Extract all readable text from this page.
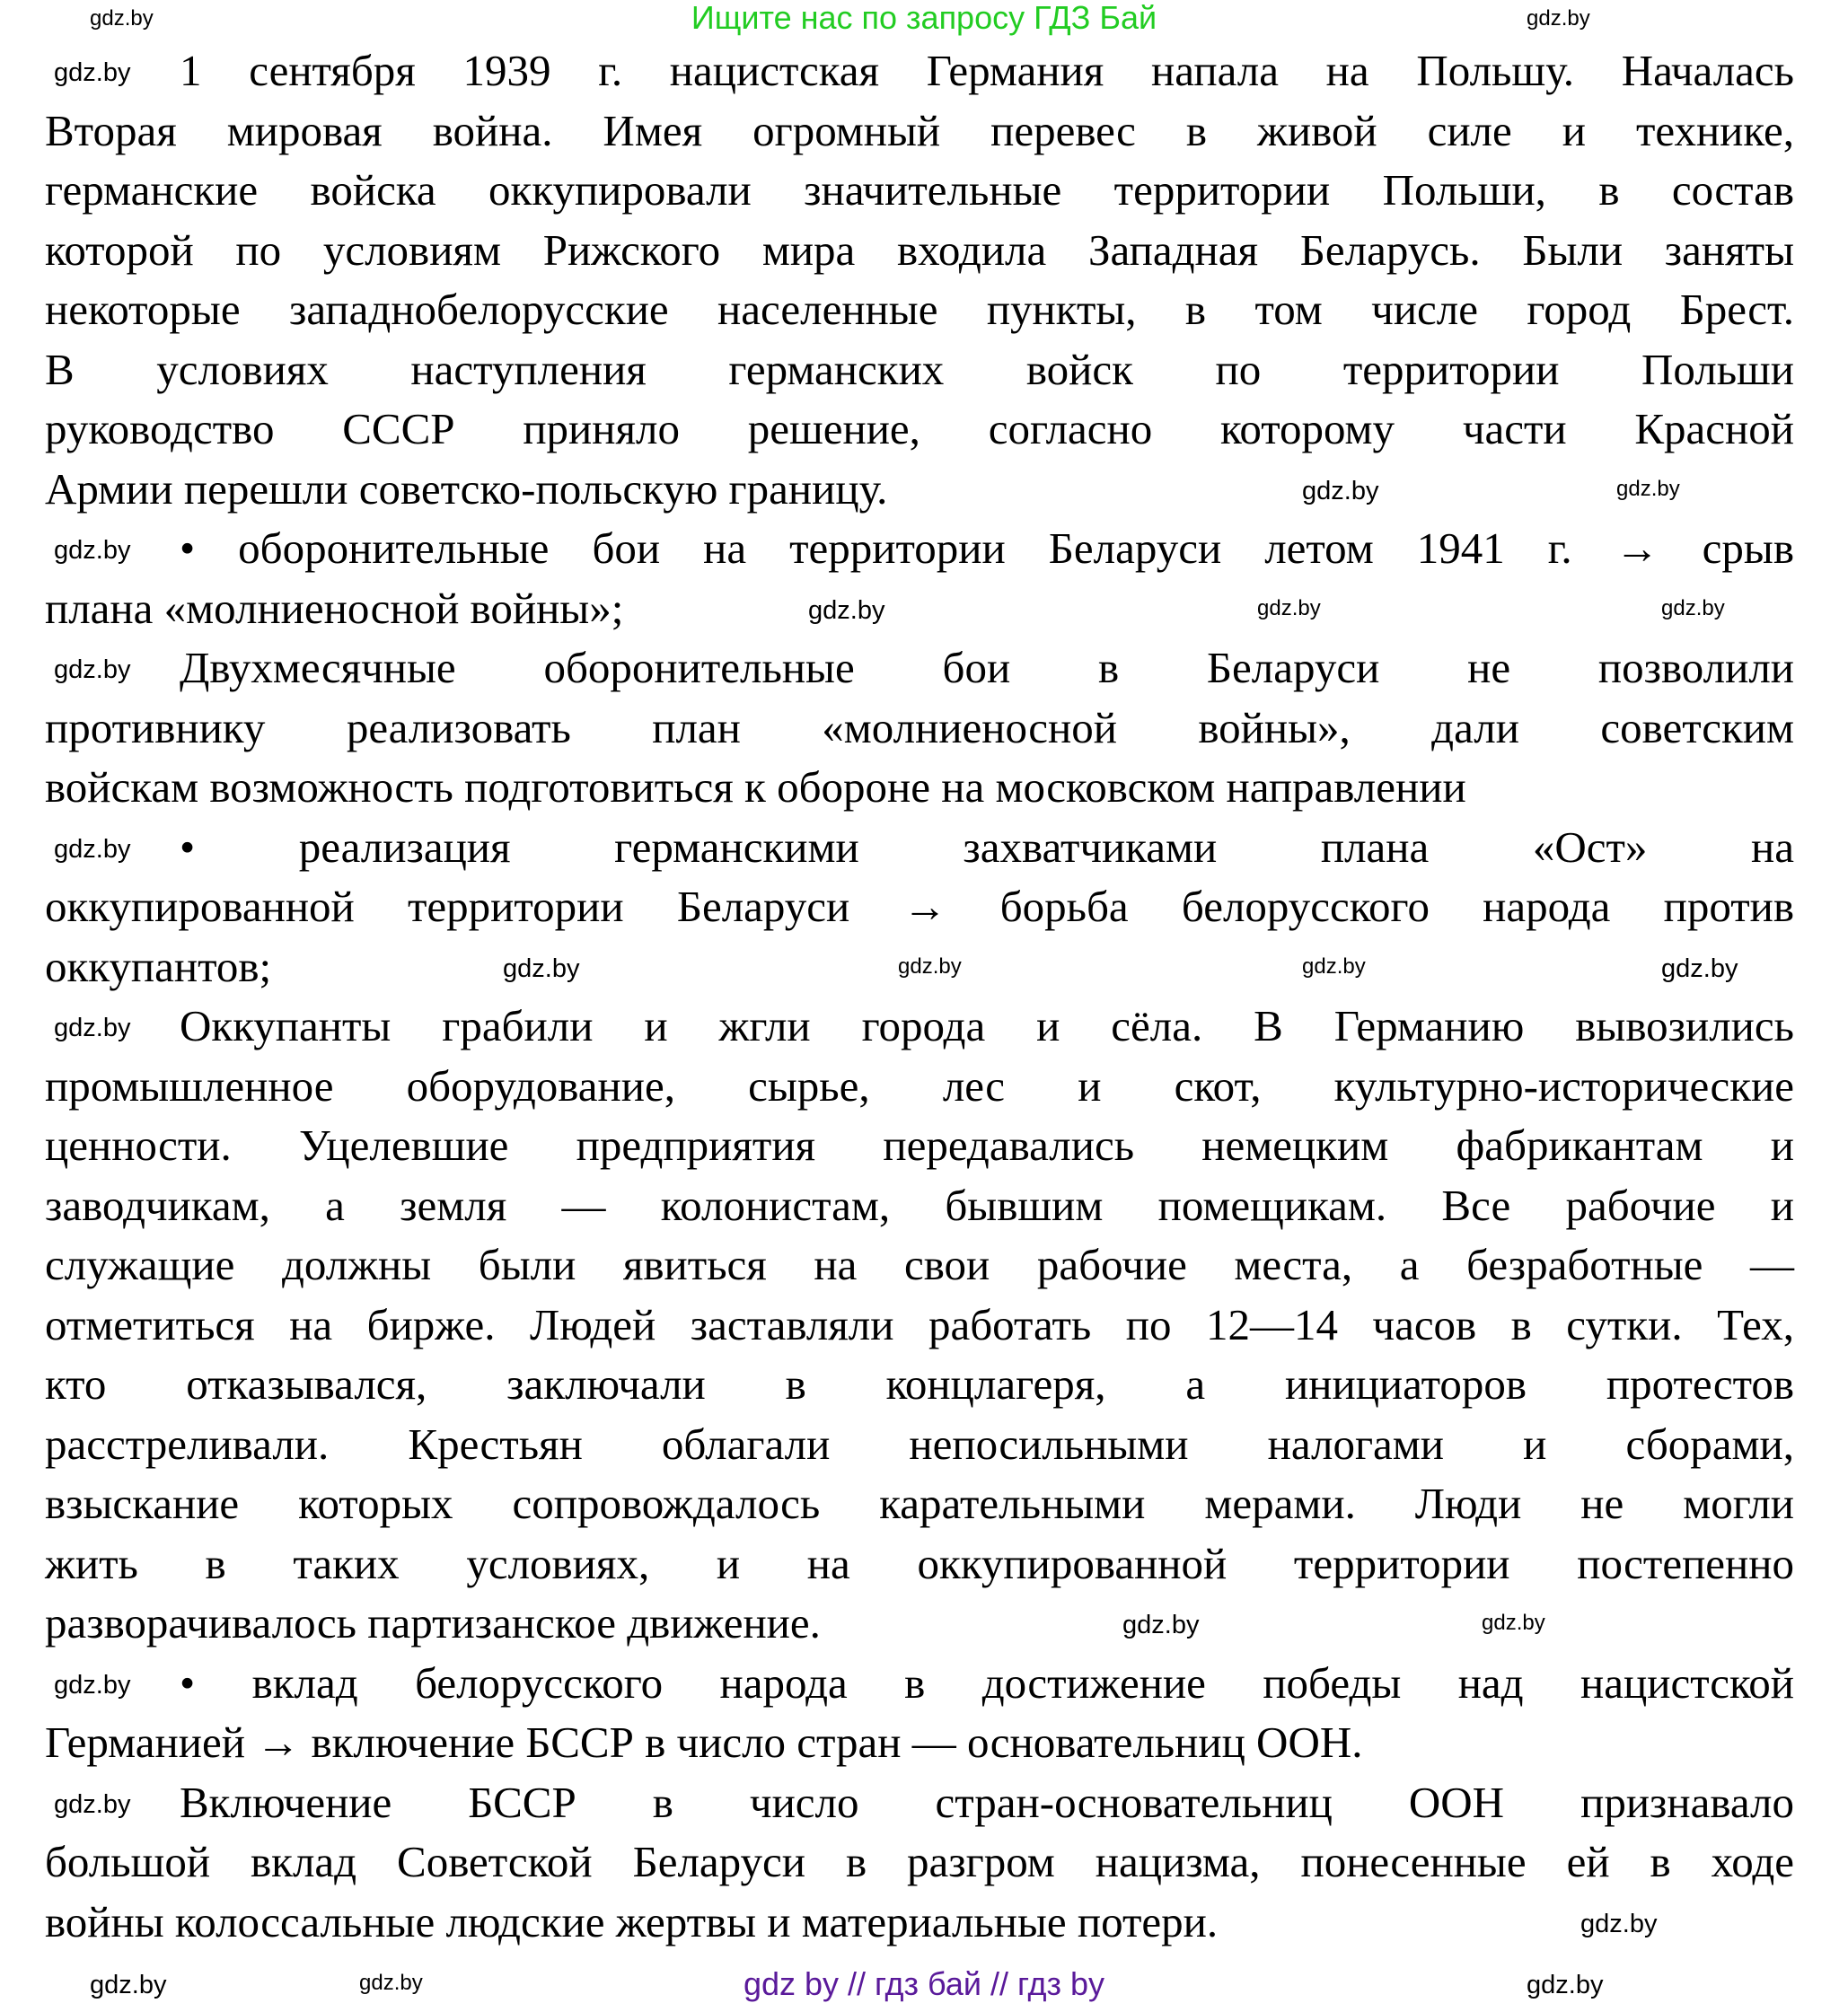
Ищите нас по запросу ГДЗ Бай
1 сентября 1939 г. нацистская Германия напала на Польшу. Началась
Вторая мировая война. Имея огромный перевес в живой силе и технике,
германские войска оккупировали значительные территории Польши, в состав
которой по условиям Рижского мира входила Западная Беларусь. Были заняты
некоторые западнобелорусские населенные пункты, в том числе город Брест.
В условиях наступления германских войск по территории Польши
руководство СССР приняло решение, согласно которому части Красной
Армии перешли советско-польскую границу.
• оборонительные бои на территории Беларуси летом 1941 г. → срыв
плана «молниеносной войны»;
Двухмесячные оборонительные бои в Беларуси не позволили
противнику реализовать план «молниеносной войны», дали советским
войскам возможность подготовиться к обороне на московском направлении
• реализация германскими захватчиками плана «Ост» на
оккупированной территории Беларуси → борьба белорусского народа против
оккупантов;
Оккупанты грабили и жгли города и сёла. В Германию вывозились
промышленное оборудование, сырье, лес и скот, культурно-исторические
ценности. Уцелевшие предприятия передавались немецким фабрикантам и
заводчикам, а земля — колонистам, бывшим помещикам. Все рабочие и
служащие должны были явиться на свои рабочие места, а безработные —
отметиться на бирже. Людей заставляли работать по 12—14 часов в сутки. Тех,
кто отказывался, заключали в концлагеря, а инициаторов протестов
расстреливали. Крестьян облагали непосильными налогами и сборами,
взыскание которых сопровождалось карательными мерами. Люди не могли
жить в таких условиях, и на оккупированной территории постепенно
разворачивалось партизанское движение.
• вклад белорусского народа в достижение победы над нацистской
Германией → включение БССР в число стран — основательниц ООН.
Включение БССР в число стран-основательниц ООН признавало
большой вклад Советской Беларуси в разгром нацизма, понесенные ей в ходе
войны колоссальные людские жертвы и материальные потери.
gdz.by
gdz.by
gdz.by
gdz.by
gdz.by
gdz.by
gdz.by
gdz.by	gdz.by
gdz.by	gdz.by	gdz.by
gdz.by	gdz.by	gdz.by	gdz.by
gdz.by	gdz.by
gdz.by
gdz.by	gdz.by
gdz.by	gdz.by	gdz.by
gdz by // гдз бай // гдз by
